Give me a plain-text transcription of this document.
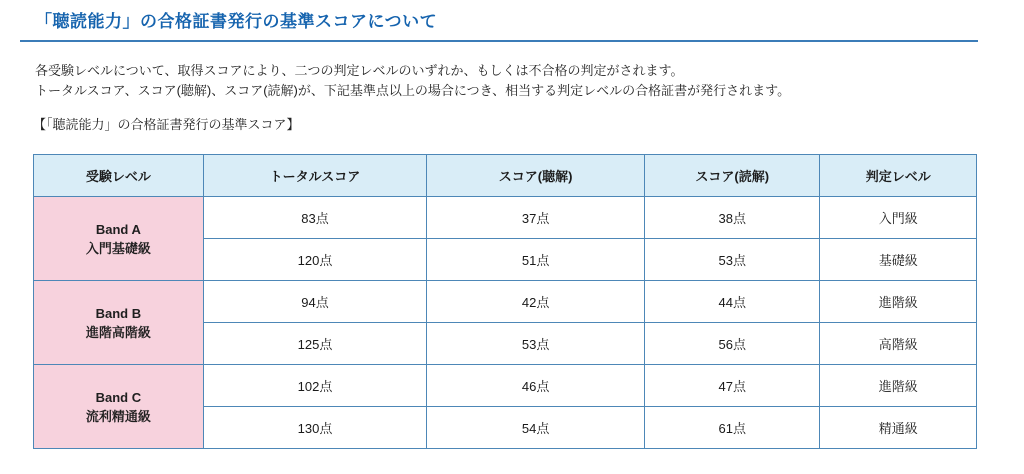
「聴読能力」の合格証書発行の基準スコアについて
各受験レベルについて、取得スコアにより、二つの判定レベルのいずれか、もしくは不合格の判定がされます。
トータルスコア、スコア(聴解)、スコア(読解)が、下記基準点以上の場合につき、相当する判定レベルの合格証書が発行されます。
【「聴読能力」の合格証書発行の基準スコア】
受験レベル	トータルスコア	スコア(聴解)	スコア(読解)	判定レベル

Band A
入門基礎級	83点	37点	38点	入門級
	120点	51点	53点	基礎級

Band B
進階高階級	94点	42点	44点	進階級
	125点	53点	56点	高階級

Band C
流利精通級	102点	46点	47点	進階級
	130点	54点	61点	精通級
